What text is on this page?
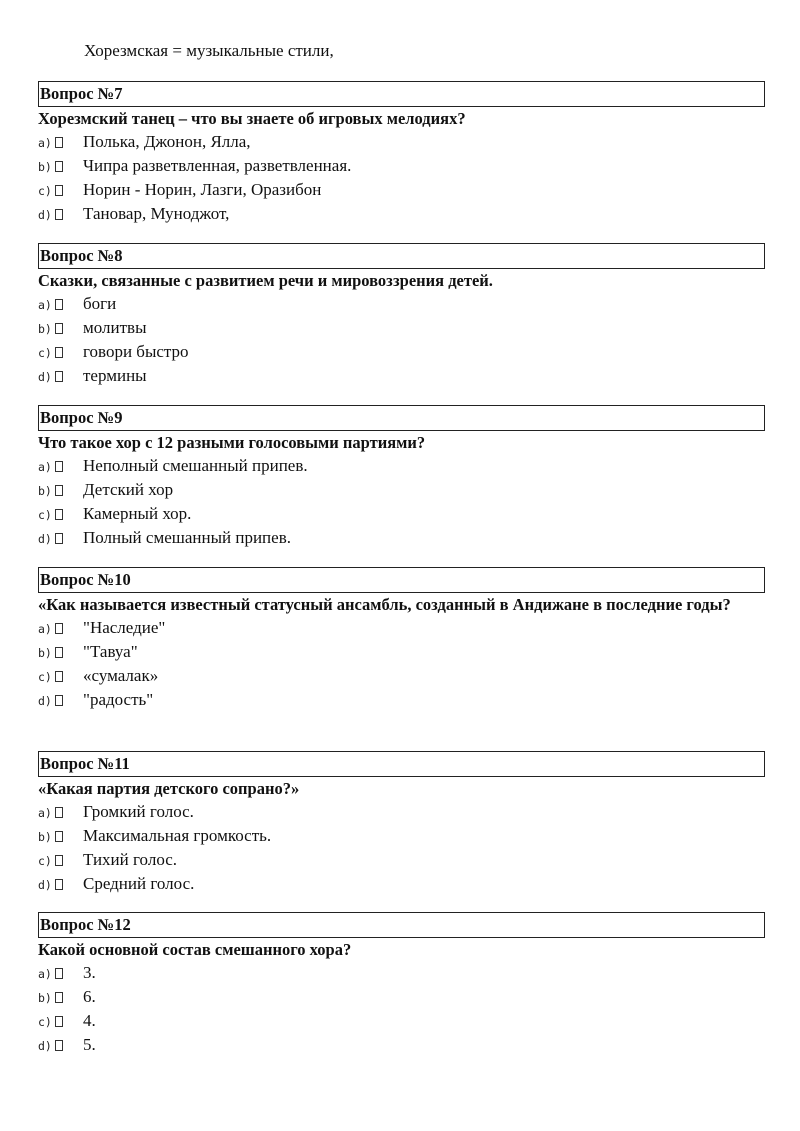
Хорезмская = музыкальные стили,
Вопрос №7
Хорезмский танец – что вы знаете об игровых мелодиях?
a) Полька, Джонон, Ялла,
b) Чипра разветвленная, разветвленная.
c) Норин - Норин, Лазги, Оразибон
d) Тановар, Муноджот,
Вопрос №8
Сказки, связанные с развитием речи и мировоззрения детей.
a) боги
b) молитвы
c) говори быстро
d) термины
Вопрос №9
Что такое хор с 12 разными голосовыми партиями?
a) Неполный смешанный припев.
b) Детский хор
c) Камерный хор.
d) Полный смешанный припев.
Вопрос №10
«Как называется известный статусный ансамбль, созданный в Андижане в последние годы?
a) "Наследие"
b) "Тавуа"
c) «сумалак»
d) "радость"
Вопрос №11
«Какая партия детского сопрано?»
a) Громкий голос.
b) Максимальная громкость.
c) Тихий голос.
d) Средний голос.
Вопрос №12
Какой основной состав смешанного хора?
a) 3.
b) 6.
c) 4.
d) 5.
